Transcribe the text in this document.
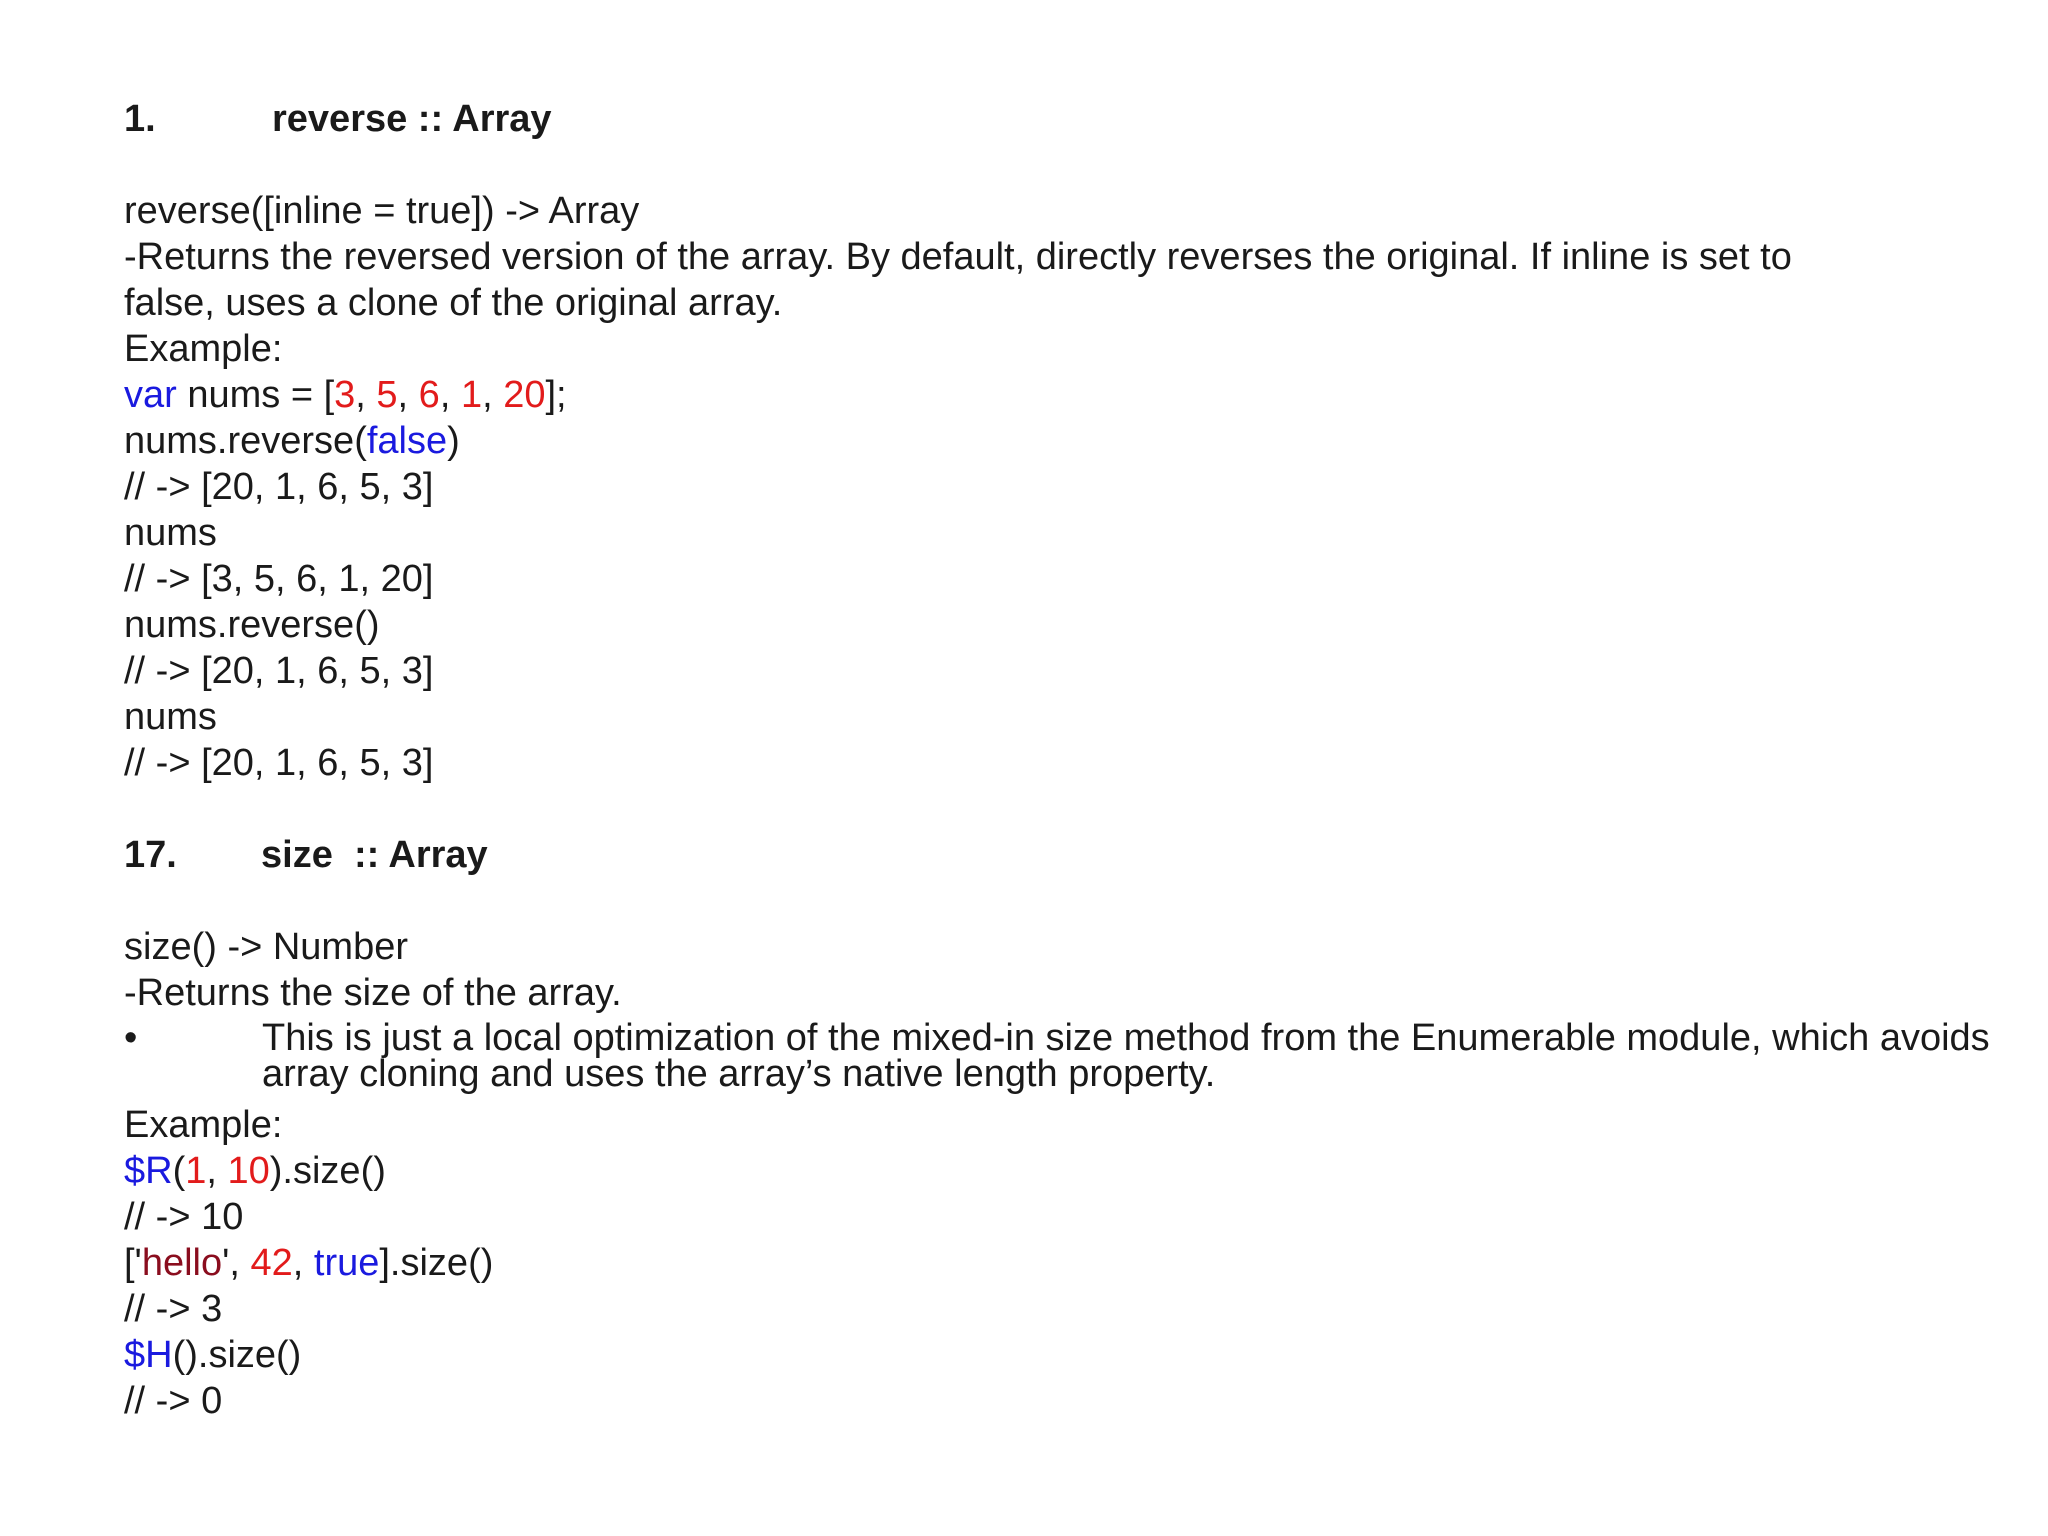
1.	reverse :: Array
reverse([inline = true]) -> Array
-Returns the reversed version of the array. By default, directly reverses the original. If inline is set to
false, uses a clone of the original array.
Example:
var nums = [3, 5, 6, 1, 20];
nums.reverse(false)
// -> [20, 1, 6, 5, 3]
nums
// -> [3, 5, 6, 1, 20]
nums.reverse()
// -> [20, 1, 6, 5, 3]
nums
// -> [20, 1, 6, 5, 3]
17. size  :: Array
size() -> Number
-Returns the size of the array.
•	This is just a local optimization of the mixed-in size method from the Enumerable module, which avoids array cloning and uses the array’s native length property.
Example:
$R(1, 10).size()
// -> 10
['hello', 42, true].size()
// -> 3
$H().size()
// -> 0
